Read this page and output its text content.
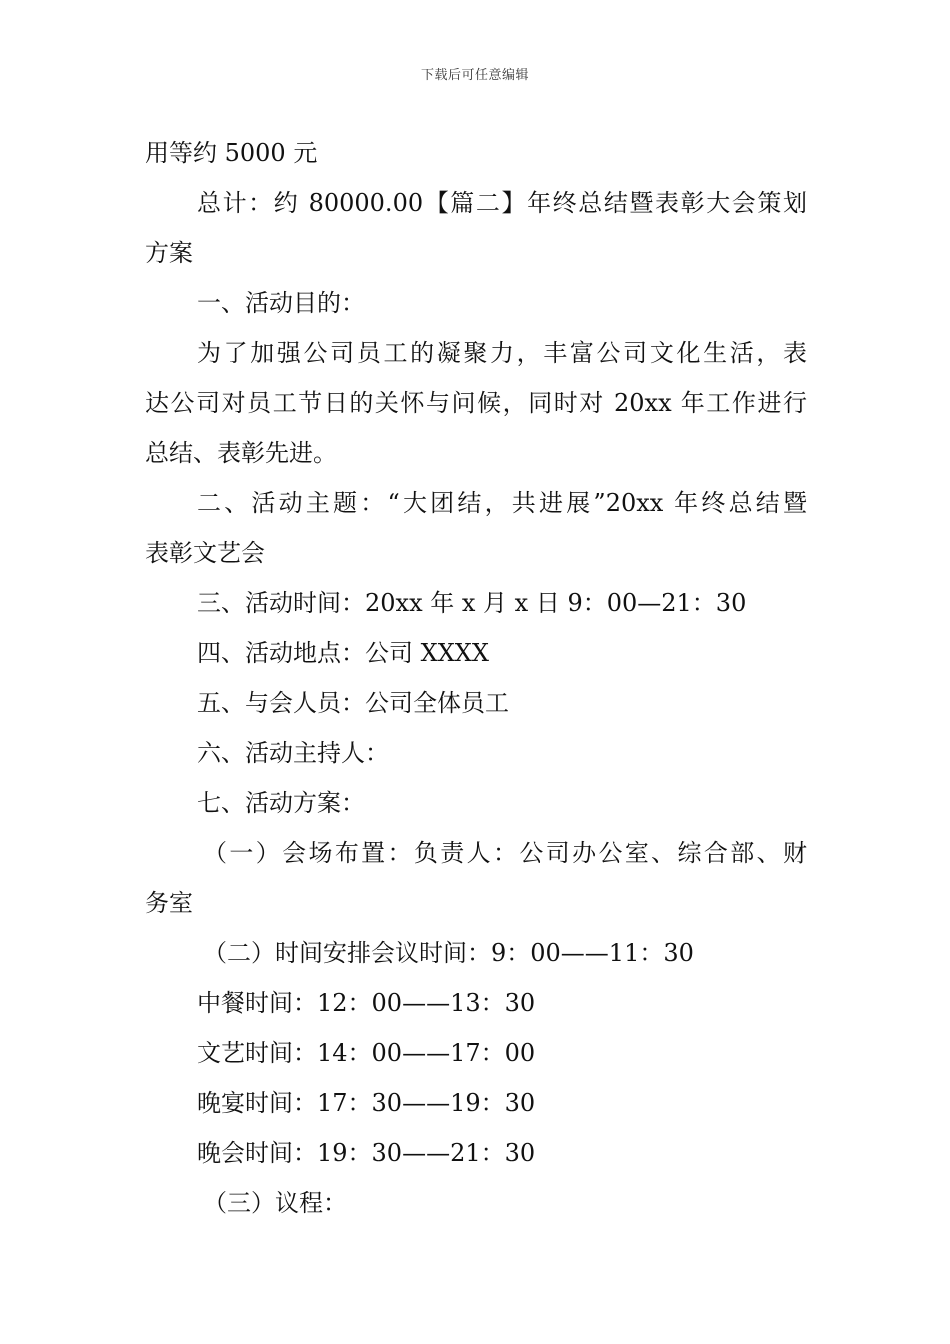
下载后可任意编辑
用等约 5000 元
总计：约 80000.00【篇二】年终总结暨表彰大会策划
方案
一、活动目的：
为了加强公司员工的凝聚力，丰富公司文化生活，表
达公司对员工节日的关怀与问候，同时对 20xx 年工作进行
总结、表彰先进。
二、活动主题：“大团结，共进展”20xx 年终总结暨
表彰文艺会
三、活动时间：20xx 年 x 月 x 日 9：00—21：30
四、活动地点：公司 XXXX
五、与会人员：公司全体员工
六、活动主持人：
七、活动方案：
（一）会场布置：负责人：公司办公室、综合部、财
务室
（二）时间安排会议时间：9：00——11：30
中餐时间：12：00——13：30
文艺时间：14：00——17：00
晚宴时间：17：30——19：30
晚会时间：19：30——21：30
（三）议程：
